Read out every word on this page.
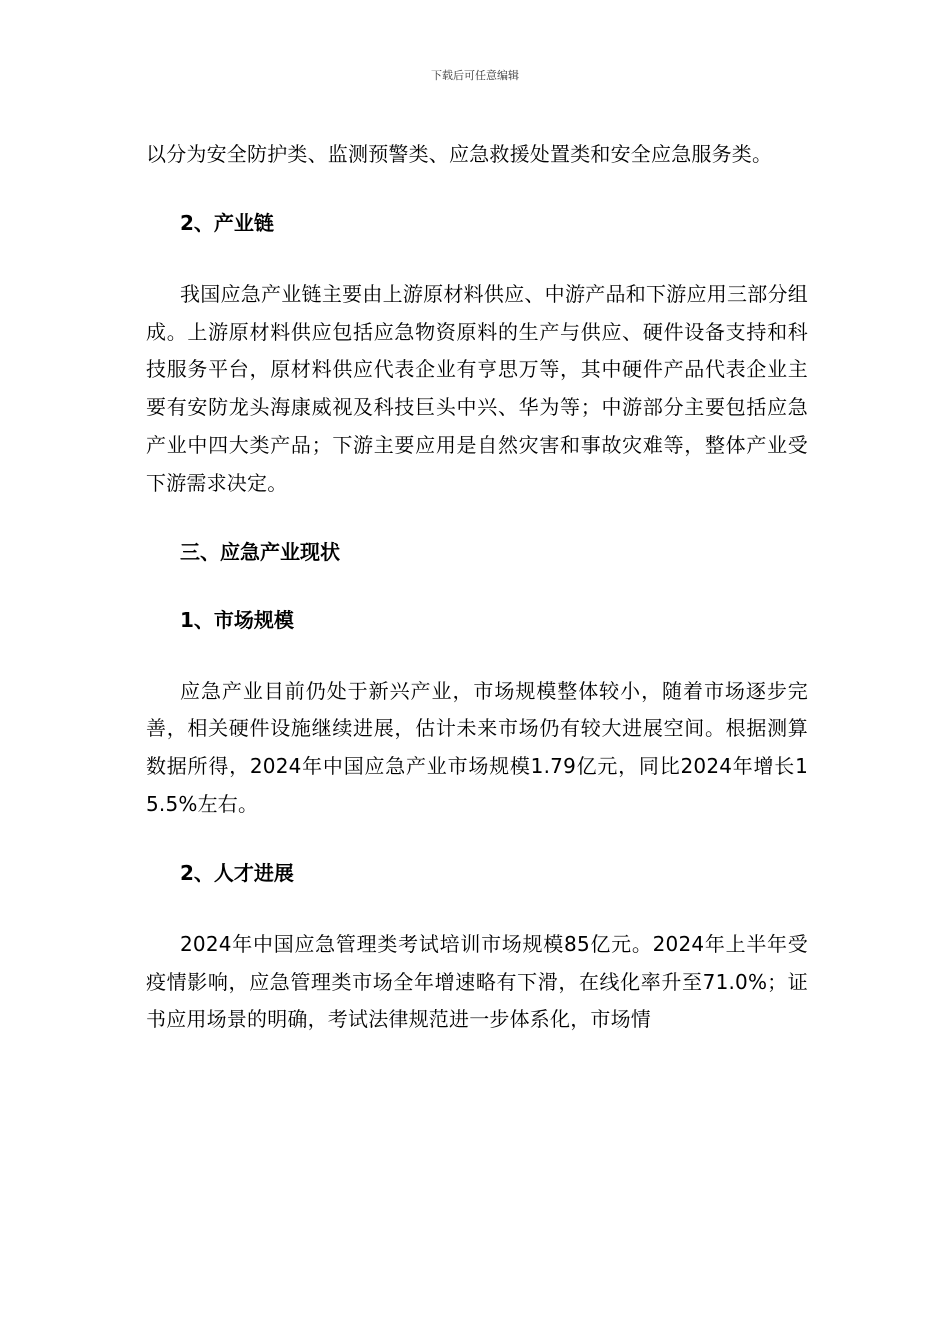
下载后可任意编辑

以分为安全防护类、监测预警类、应急救援处置类和安全应急服务类。

2、产业链

我国应急产业链主要由上游原材料供应、中游产品和下游应用三部分组成。上游原材料供应包括应急物资原料的生产与供应、硬件设备支持和科技服务平台，原材料供应代表企业有亨思万等，其中硬件产品代表企业主要有安防龙头海康威视及科技巨头中兴、华为等；中游部分主要包括应急产业中四大类产品；下游主要应用是自然灾害和事故灾难等，整体产业受下游需求决定。

三、应急产业现状

1、市场规模

应急产业目前仍处于新兴产业，市场规模整体较小，随着市场逐步完善，相关硬件设施继续进展，估计未来市场仍有较大进展空间。根据测算数据所得，2024年中国应急产业市场规模1.79亿元，同比2024年增长15.5%左右。

2、人才进展

2024年中国应急管理类考试培训市场规模85亿元。2024年上半年受疫情影响，应急管理类市场全年增速略有下滑，在线化率升至71.0%；证书应用场景的明确，考试法律规范进一步体系化，市场情
